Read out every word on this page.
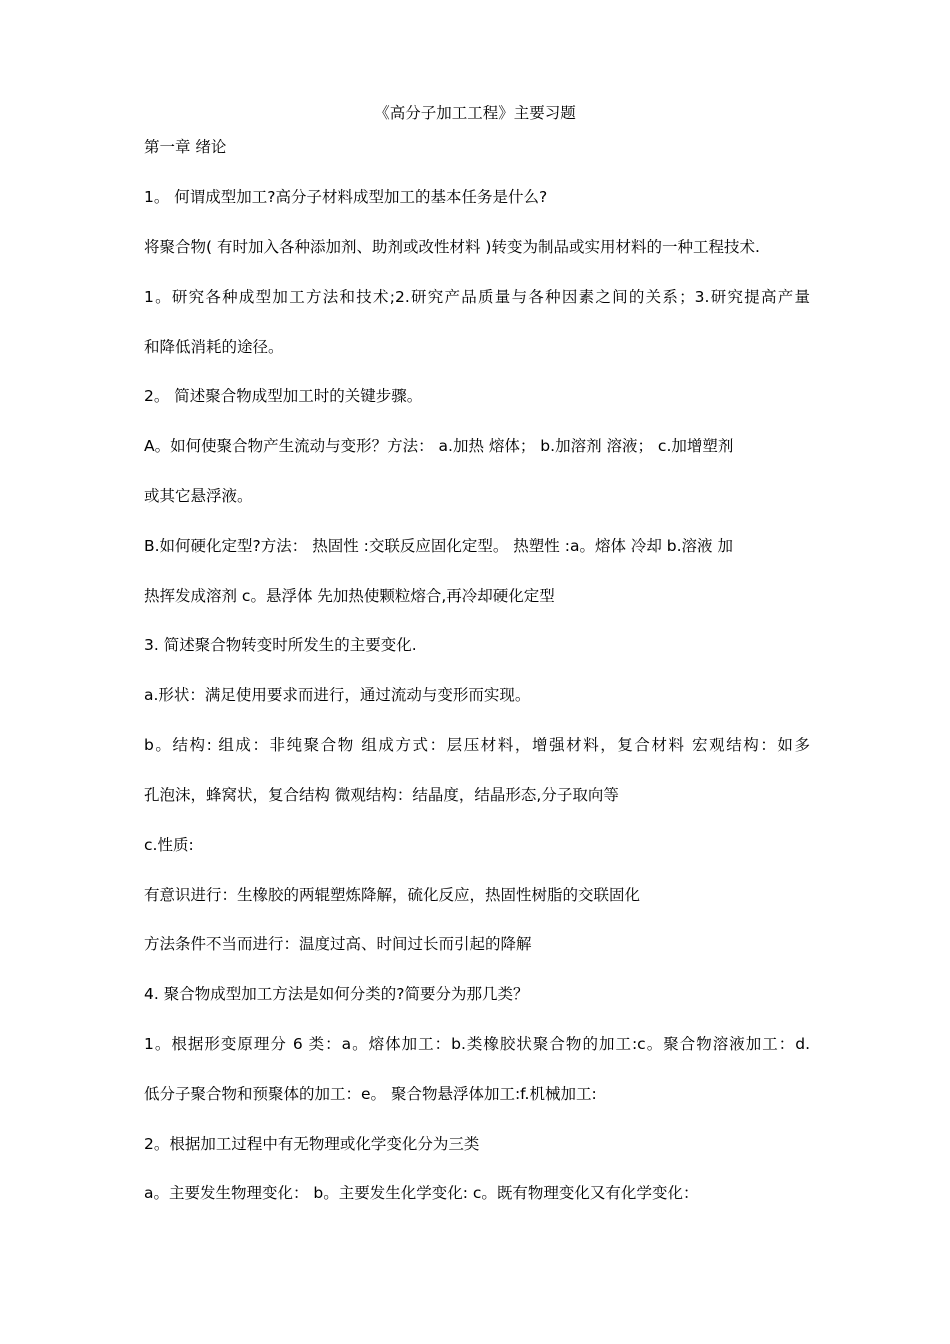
《高分子加工工程》主要习题
第一章 绪论
1。 何谓成型加工?高分子材料成型加工的基本任务是什么?
将聚合物( 有时加入各种添加剂、助剂或改性材料 )转变为制品或实用材料的一种工程技术.
1。研究各种成型加工方法和技术;2.研究产品质量与各种因素之间的关系；3.研究提高产量
和降低消耗的途径。
2。 简述聚合物成型加工时的关键步骤。
A。如何使聚合物产生流动与变形？方法： a.加热 熔体； b.加溶剂 溶液； c.加增塑剂
或其它悬浮液。
B.如何硬化定型?方法： 热固性 :交联反应固化定型。 热塑性 :a。熔体 冷却 b.溶液 加
热挥发成溶剂 c。悬浮体 先加热使颗粒熔合,再冷却硬化定型
3. 简述聚合物转变时所发生的主要变化.
a.形状：满足使用要求而进行，通过流动与变形而实现。
b。结构: 组成：非纯聚合物 组成方式：层压材料，增强材料，复合材料 宏观结构：如多
孔泡沫，蜂窝状，复合结构 微观结构：结晶度，结晶形态,分子取向等
c.性质:
有意识进行：生橡胶的两辊塑炼降解，硫化反应，热固性树脂的交联固化
方法条件不当而进行：温度过高、时间过长而引起的降解
4. 聚合物成型加工方法是如何分类的?简要分为那几类？
1。根据形变原理分 6 类：a。熔体加工：b.类橡胶状聚合物的加工:c。聚合物溶液加工：d.
低分子聚合物和预聚体的加工：e。 聚合物悬浮体加工:f.机械加工:
2。根据加工过程中有无物理或化学变化分为三类
a。主要发生物理变化： b。主要发生化学变化: c。既有物理变化又有化学变化：
